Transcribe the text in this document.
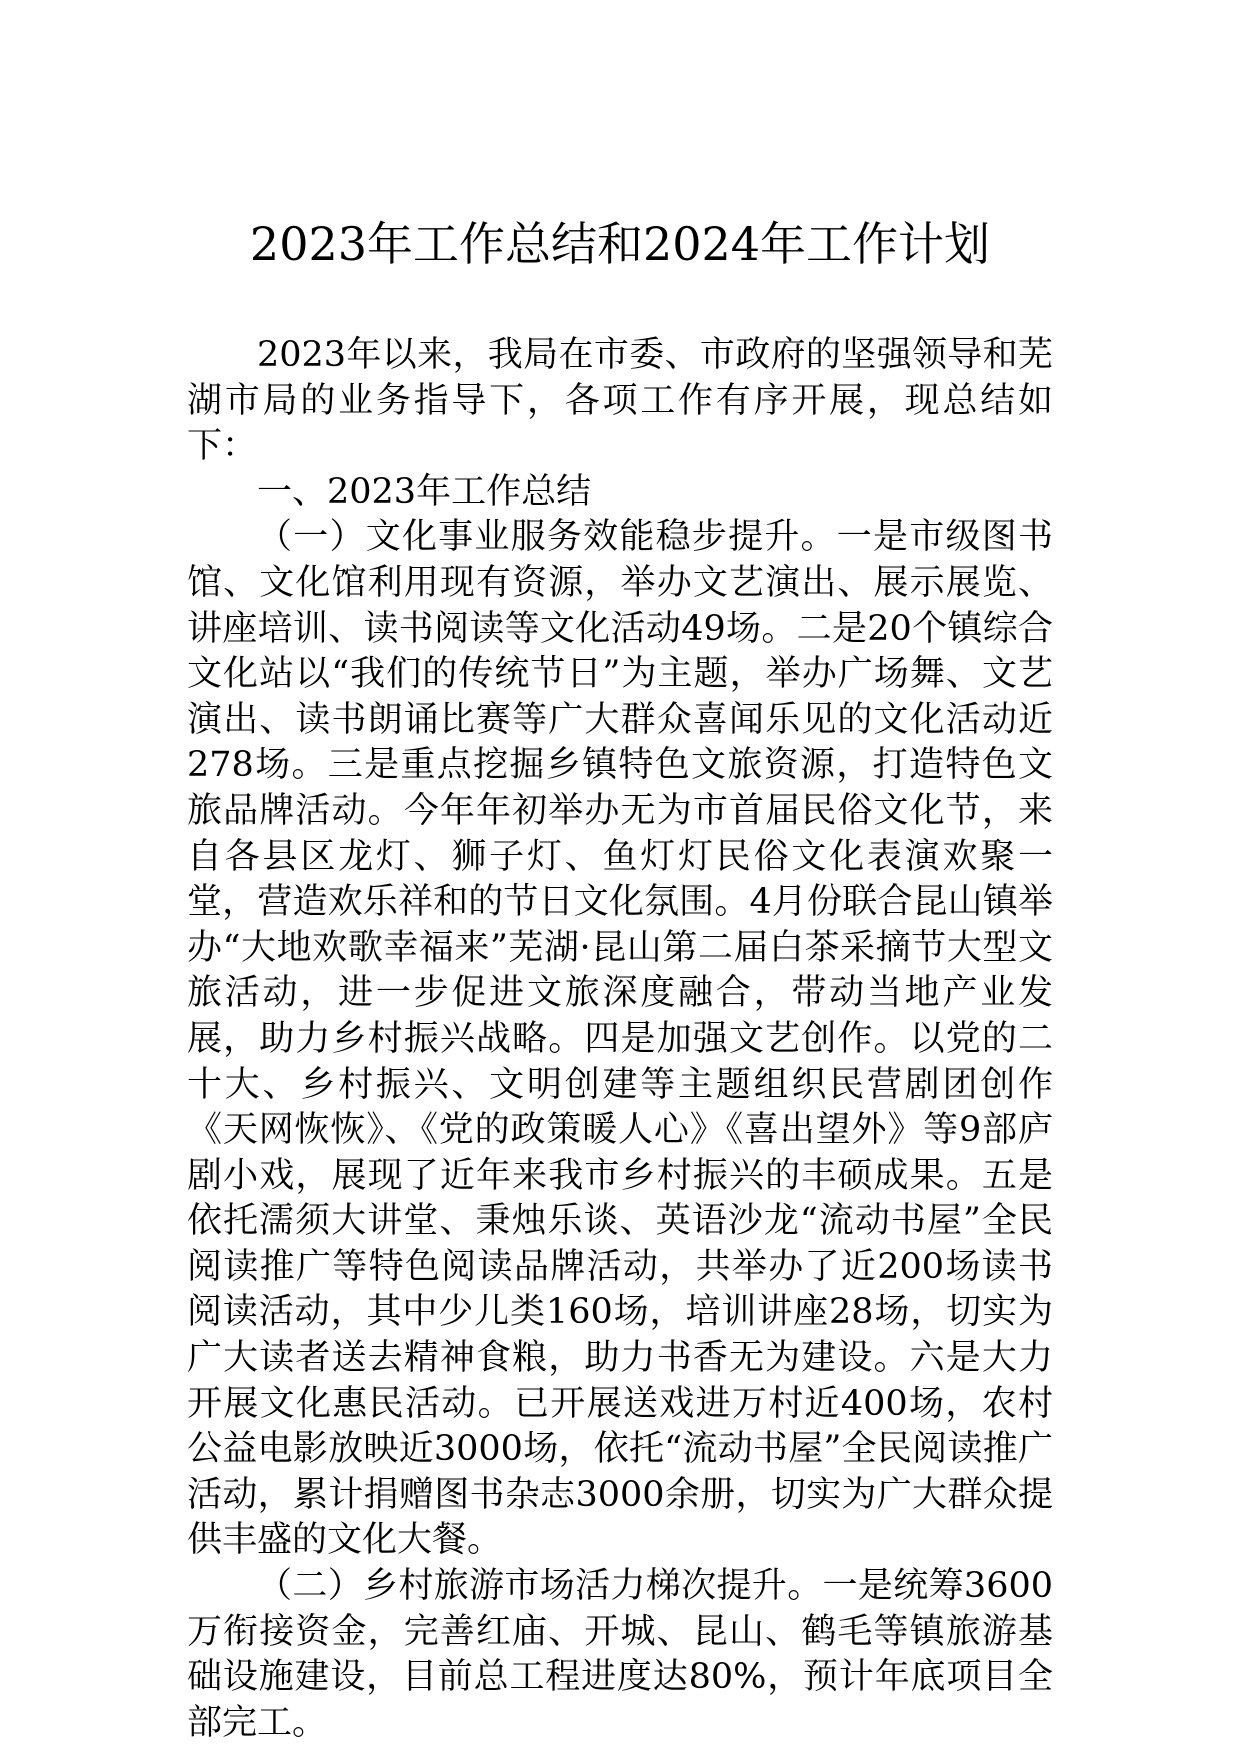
2023年工作总结和2024年工作计划

2023年以来，我局在市委、市政府的坚强领导和芜湖市局的业务指导下，各项工作有序开展，现总结如下：

一、2023年工作总结

（一）文化事业服务效能稳步提升。一是市级图书馆、文化馆利用现有资源，举办文艺演出、展示展览、讲座培训、读书阅读等文化活动49场。二是20个镇综合文化站以“我们的传统节日”为主题，举办广场舞、文艺演出、读书朗诵比赛等广大群众喜闻乐见的文化活动近278场。三是重点挖掘乡镇特色文旅资源，打造特色文旅品牌活动。今年年初举办无为市首届民俗文化节，来自各县区龙灯、狮子灯、鱼灯灯民俗文化表演欢聚一堂，营造欢乐祥和的节日文化氛围。4月份联合昆山镇举办“大地欢歌幸福来”芜湖·昆山第二届白茶采摘节大型文旅活动，进一步促进文旅深度融合，带动当地产业发展，助力乡村振兴战略。四是加强文艺创作。以党的二十大、乡村振兴、文明创建等主题组织民营剧团创作《天网恢恢》、《党的政策暖人心》《喜出望外》等9部庐剧小戏，展现了近年来我市乡村振兴的丰硕成果。五是依托濡须大讲堂、秉烛乐谈、英语沙龙“流动书屋”全民阅读推广等特色阅读品牌活动，共举办了近200场读书阅读活动，其中少儿类160场，培训讲座28场，切实为广大读者送去精神食粮，助力书香无为建设。六是大力开展文化惠民活动。已开展送戏进万村近400场，农村公益电影放映近3000场，依托“流动书屋”全民阅读推广活动，累计捐赠图书杂志3000余册，切实为广大群众提供丰盛的文化大餐。

（二）乡村旅游市场活力梯次提升。一是统筹3600万衔接资金，完善红庙、开城、昆山、鹤毛等镇旅游基础设施建设，目前总工程进度达80%，预计年底项目全部完工。
